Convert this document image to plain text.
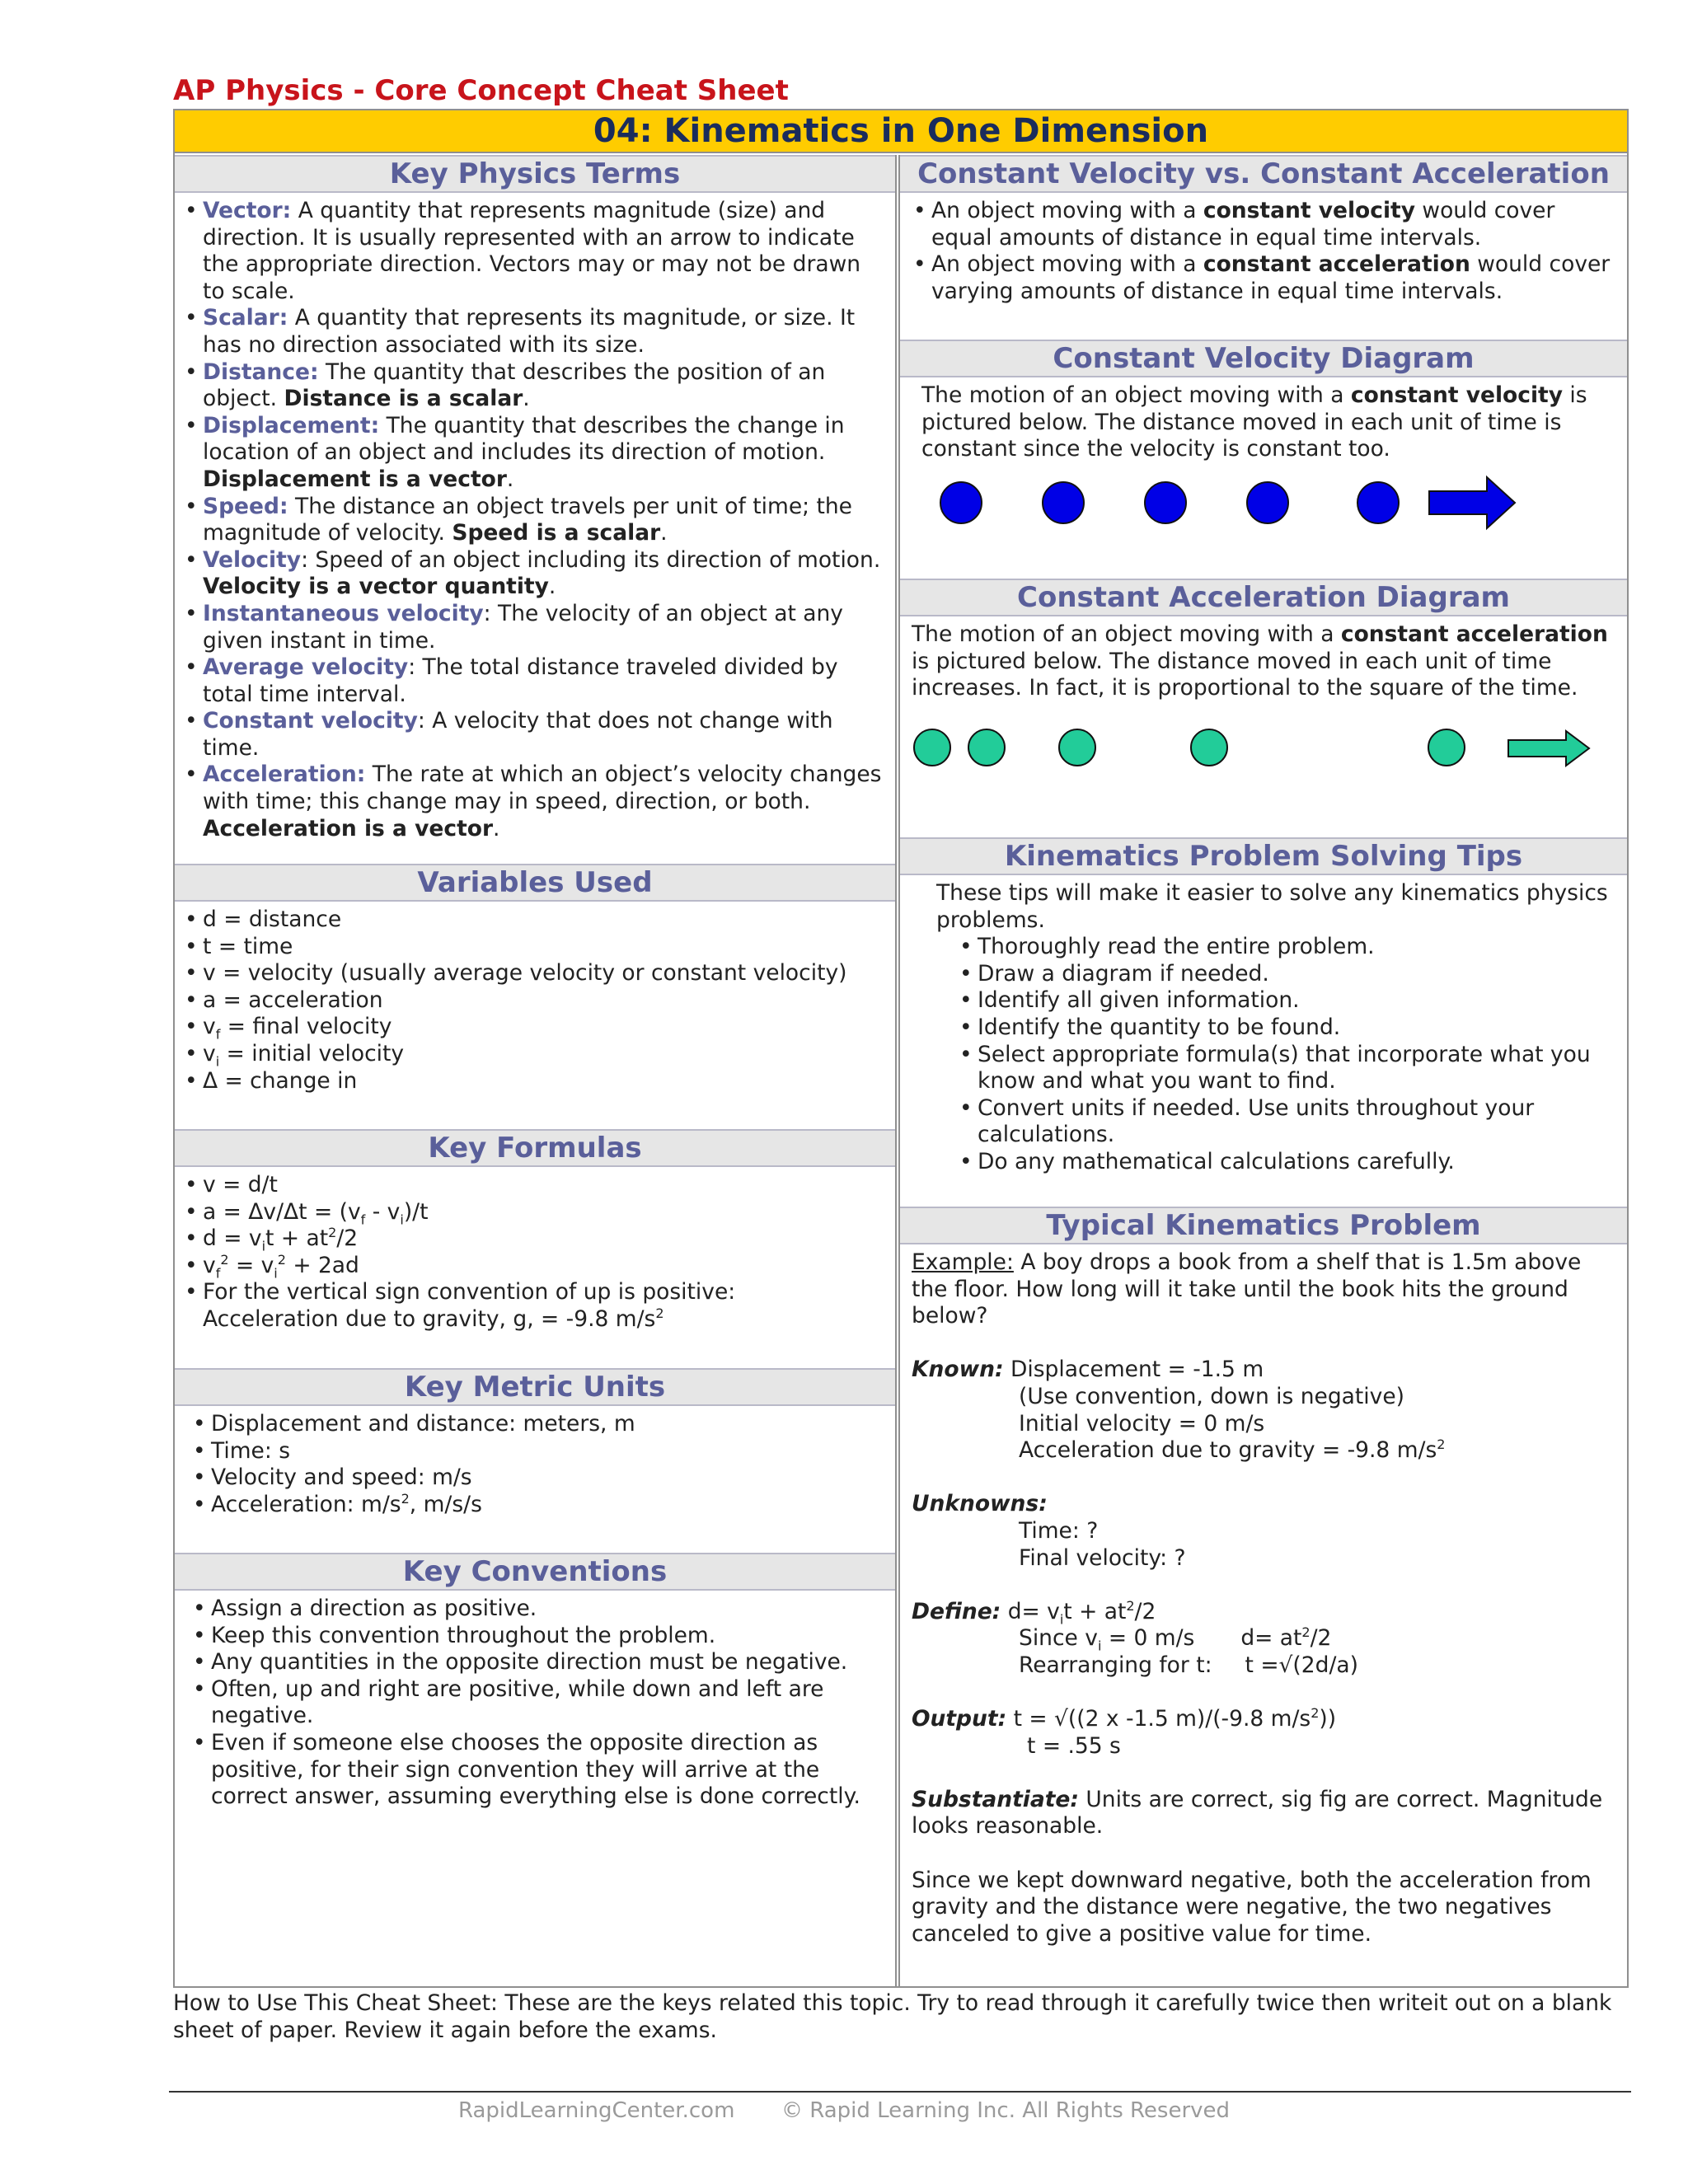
AP Physics - Core Concept Cheat Sheet
04: Kinematics in One Dimension
Key Physics Terms
• Vector: A quantity that represents magnitude (size) and direction. It is usually represented with an arrow to indicate the appropriate direction. Vectors may or may not be drawn to scale.
• Scalar: A quantity that represents its magnitude, or size. It has no direction associated with its size.
• Distance: The quantity that describes the position of an object. Distance is a scalar.
• Displacement: The quantity that describes the change in location of an object and includes its direction of motion. Displacement is a vector.
• Speed: The distance an object travels per unit of time; the magnitude of velocity. Speed is a scalar.
• Velocity: Speed of an object including its direction of motion. Velocity is a vector quantity.
• Instantaneous velocity: The velocity of an object at any given instant in time.
• Average velocity: The total distance traveled divided by total time interval.
• Constant velocity: A velocity that does not change with time.
• Acceleration: The rate at which an object’s velocity changes with time; this change may in speed, direction, or both. Acceleration is a vector.
Variables Used
• d = distance
• t = time
• v = velocity (usually average velocity or constant velocity)
• a = acceleration
• $v_f$ = final velocity
• $v_i$ = initial velocity
• Δ = change in
Key Formulas
• v = d/t
• $a = \Delta v/\Delta t = (v_f - v_i)/t$
• $d = v_it + at^2/2$
• $v_f^2 = v_i^2 + 2ad$
• For the vertical sign convention of up is positive:
Acceleration due to gravity, g, = -9.8 $m/s^2$
Key Metric Units
• Displacement and distance: meters, m
• Time: s
• Velocity and speed: m/s
• Acceleration: $m/s^2$, m/s/s
Key Conventions
• Assign a direction as positive.
• Keep this convention throughout the problem.
• Any quantities in the opposite direction must be negative.
• Often, up and right are positive, while down and left are negative.
• Even if someone else chooses the opposite direction as positive, for their sign convention they will arrive at the correct answer, assuming everything else is done correctly.
Constant Velocity vs. Constant Acceleration
• An object moving with a constant velocity would cover equal amounts of distance in equal time intervals.
• An object moving with a constant acceleration would cover varying amounts of distance in equal time intervals.
Constant Velocity Diagram
The motion of an object moving with a constant velocity is pictured below. The distance moved in each unit of time is constant since the velocity is constant too.
Constant Acceleration Diagram
The motion of an object moving with a constant acceleration is pictured below. The distance moved in each unit of time increases. In fact, it is proportional to the square of the time.
Kinematics Problem Solving Tips
These tips will make it easier to solve any kinematics physics problems.
• Thoroughly read the entire problem.
• Draw a diagram if needed.
• Identify all given information.
• Identify the quantity to be found.
• Select appropriate formula(s) that incorporate what you know and what you want to find.
• Convert units if needed. Use units throughout your calculations.
• Do any mathematical calculations carefully.
Typical Kinematics Problem
Example: A boy drops a book from a shelf that is 1.5m above the floor. How long will it take until the book hits the ground below?
Known: Displacement = -1.5 m
(Use convention, down is negative)
Initial velocity = 0 m/s
Acceleration due to gravity = -9.8 $m/s^2$
Unknowns:
Time: ?
Final velocity: ?
Define: $d= v_it + at^2/2$
Since $v_i = 0$ m/s $d= at^2/2$
Rearranging for t: t =√(2d/a)
Output: t = √((2 x -1.5 m)/(-9.8 $m/s^2$))
t = .55 s
Substantiate: Units are correct, sig fig are correct. Magnitude looks reasonable.
Since we kept downward negative, both the acceleration from gravity and the distance were negative, the two negatives canceled to give a positive value for time.
How to Use This Cheat Sheet: These are the keys related this topic. Try to read through it carefully twice then writeit out on a blank sheet of paper. Review it again before the exams.
RapidLearningCenter.com © Rapid Learning Inc. All Rights Reserved
